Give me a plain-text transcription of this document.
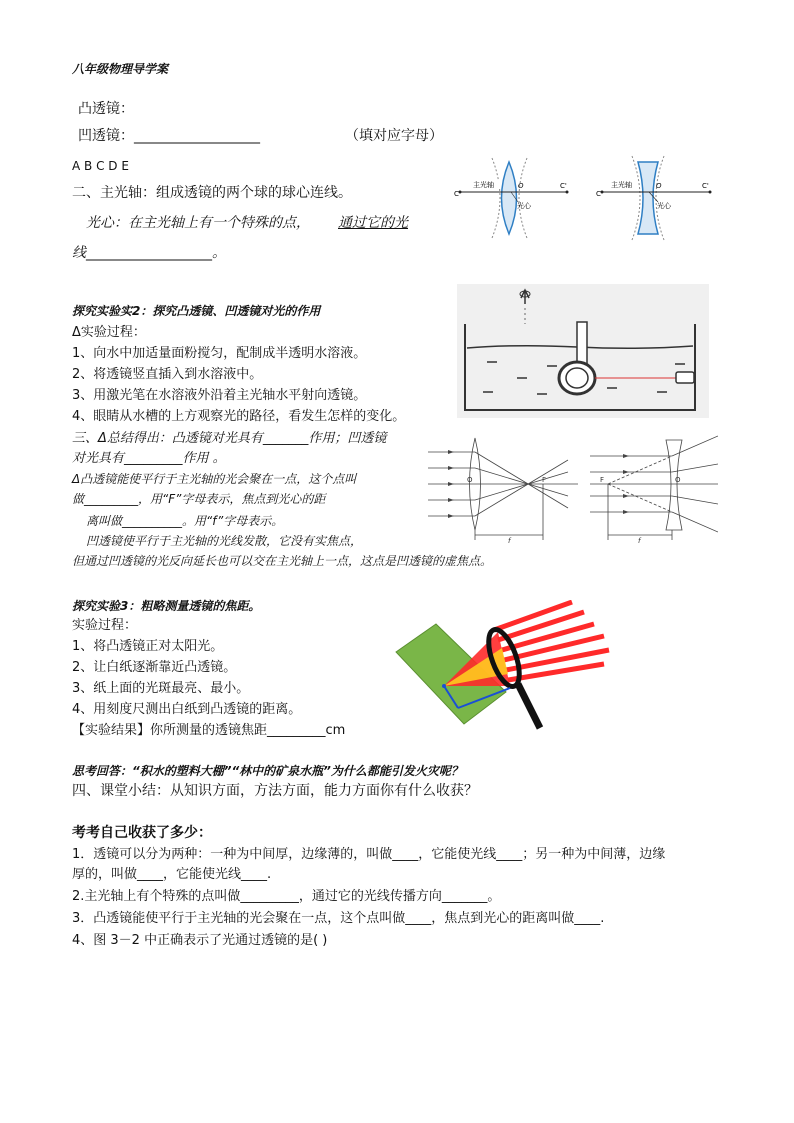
八年级物理导学案
凸透镜：
凹透镜：__________________	（填对应字母）
A B C D E
二、主光轴：组成透镜的两个球的球心连线。
光心：在主光轴上有一个特殊的点， 通过它的光
线__________________。
C
C'
O
主光轴
光心
C
C'
O
主光轴
光心
探究实验实2：探究凸透镜、凹透镜对光的作用
Δ实验过程：
1、向水中加适量面粉搅匀，配制成半透明水溶液。
2、将透镜竖直插入到水溶液中。
3、用激光笔在水溶液外沿着主光轴水平射向透镜。
4、眼睛从水槽的上方观察光的路径，看发生怎样的变化。
三、Δ总结得出：凸透镜对光具有_______作用；凹透镜
对光具有_________作用 。
Δ凸透镜能使平行于主光轴的光会聚在一点，这个点叫
做_________，用“F”字母表示，焦点到光心的距
离叫做__________。用“f”字母表示。
凹透镜使平行于主光轴的光线发散，它没有实焦点，
但通过凹透镜的光反向延长也可以交在主光轴上一点，这点是凹透镜的虚焦点。
O	F
f
F	O
f
探究实验3：粗略测量透镜的焦距。
实验过程：
1、将凸透镜正对太阳光。
2、让白纸逐渐靠近凸透镜。
3、纸上面的光斑最亮、最小。
4、用刻度尺测出白纸到凸透镜的距离。
【实验结果】你所测量的透镜焦距_________cm
思考回答：“积水的塑料大棚”“林中的矿泉水瓶”为什么都能引发火灾呢？
四、课堂小结：从知识方面，方法方面，能力方面你有什么收获？
考考自己收获了多少：
1．透镜可以分为两种：一种为中间厚，边缘薄的，叫做____，它能使光线____；另一种为中间薄，边缘
厚的，叫做____，它能使光线____.
2.主光轴上有个特殊的点叫做_________，通过它的光线传播方向_______。
3．凸透镜能使平行于主光轴的光会聚在一点，这个点叫做____，焦点到光心的距离叫做____.
4、图 3－2 中正确表示了光通过透镜的是( )
